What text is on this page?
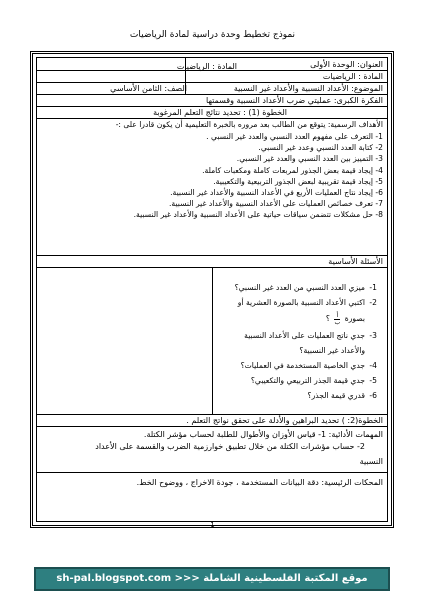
نموذج تخطيط وحدة دراسية لمادة الرياضيات
العنوان: الوحدة الأولى
المادة : الرياضيات
المادة : الرياضيات
الموضوع: الأعداد النسبية والأعداد غير النسبية
الصف: الثامن الأساسي
الفكرة الكبرى: عمليتي ضرب الأعداد النسبية وقسمتها
الخطوة (1) : تحديد نتائج التعلم المرغوبة
الأهداف الرسمية: يتوقع من الطالب بعد مروره بالخبرة التعليمية أن يكون قادرا على :-
1- التعرف على مفهوم العدد النسبي والعدد غير النسبي .
2- كتابة العدد النسبي وعدد غير النسبي.
3- التمييز بين العدد النسبي والعدد غير النسبي.
4- إيجاد قيمة بعض الجذور لمربعات كاملة ومكعبات كاملة.
5- إيجاد قيمة تقريبية لبعض الجذور التربيعية والتكعيبية.
6- إيجاد نتاج العمليات الأربع في الأعداد النسبية والأعداد غير النسبية.
7- تعرف خصائص العمليات على الأعداد النسبية والأعداد غير النسبية.
8- حل مشكلات تتضمن سياقات حياتية على الأعداد النسبية والأعداد غير النسبية.
الأسئلة الأساسية
1-ميزي العدد النسبي من العدد غير النسبي؟
2-اكتبي الأعداد النسبية بالصورة العشرية أو
بصورة
$\frac{\text{أ}}{\text{ب}}$
؟
3-جدي ناتج العمليات على الأعداد النسبية
والأعداد غير النسبية؟
4-جدي الخاصية المستخدمة في العمليات؟
5-جدي قيمة الجذر التربيعي والتكعيبي؟
6-قدري قيمة الجذر؟
الخطوة(2: ) تحديد البراهين والأدلة على تحقق نواتج التعلم .
المهمات الأدائية: 1- قياس الأوزان والأطوال للطلبة لحساب مؤشر الكتلة.
2- حساب مؤشرات الكتلة من خلال تطبيق خوارزمية الضرب والقسمة على الأعداد
النسبية
المحكات الرئيسية: دقة البيانات المستخدمة ، جودة الاخراج ، ووضوح الخط.
1
موقع المكتبة الفلسطينية الشاملة <<< sh-pal.blogspot.com
